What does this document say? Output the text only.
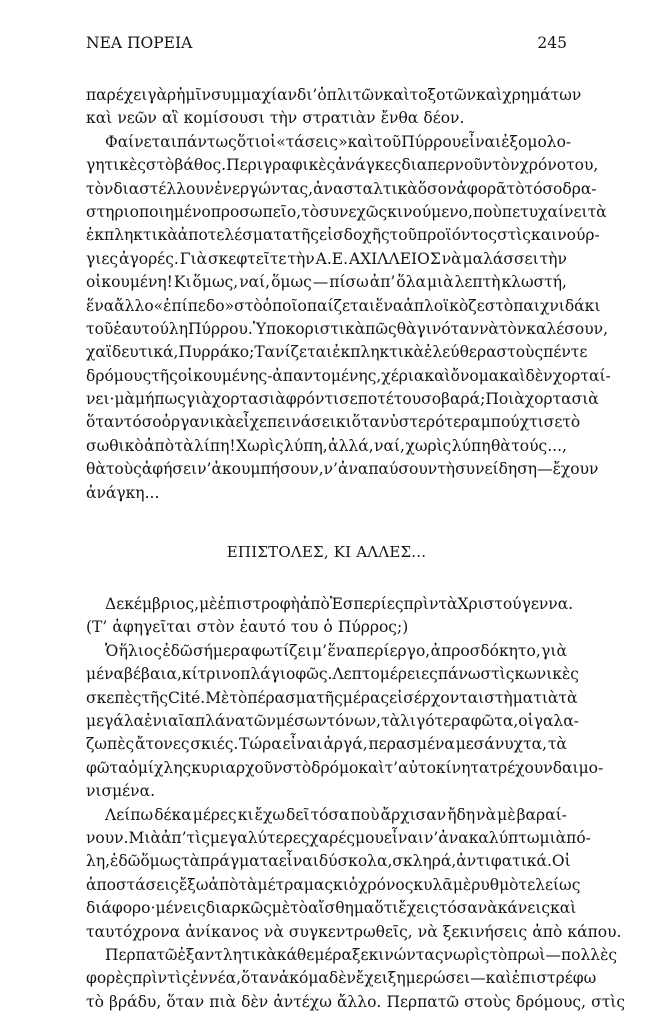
ΝΕΑ ΠΟΡΕΙΑ	245
παρέχει γὰρ ἡμῖν συμμαχίαν δι’ ὁπλιτῶν καὶ τοξοτῶν καὶ χρημάτων
καὶ νεῶν αἳ κομίσουσι τὴν στρατιὰν ἔνθα δέον.
Φαίνεται πάντως ὅτι οἱ «τάσεις» καὶ τοῦ Πύρρου εἶναι ἐξομολο-
γητικὲς στὸ βάθος. Περιγραφικὲς ἀνάγκες διαπερνοῦν τὸν χρόνο του,
τὸν διαστέλλουν ἐνεργώντας, ἀνασταλτικὰ ὅσον ἀφορᾶ τὸ τόσο δρα-
στηριοποιημένο προσωπεῖο, τὸ συνεχῶς κινούμενο, ποὺ πετυχαίνει τὰ
ἐκπληκτικὰ ἀποτελέσματα τῆς εἰσδοχῆς τοῦ προϊόντος στὶς καινούρ-
γιες ἀγορές. Γιὰ σκεφτεῖτε τὴν Α.Ε. ΑΧΙΛΛΕΙΟΣ νὰ μαλάσσει τὴν
οἰκουμένη! Κι ὅμως, ναί, ὅμως — πίσω ἀπ’ ὅλα μιὰ λεπτὴ κλωστή,
ἕνα ἄλλο «ἐπίπεδο» στὸ ὁποῖο παίζεται ἕνα ἁπλοϊκὸ ζεστὸ παιχνιδάκι
τοῦ ἑαυτούλη Πύρρου. Ὑποκοριστικὰ πῶς θὰ γινόταν νὰ τὸν καλέσουν,
χαϊδευτικά, Πυρράκο; Τανίζεται ἐκπληκτικὰ ἐλεύθερα στοὺς πέντε
δρόμους τῆς οἰκουμένης-ἀπαντομένης, χέρια καὶ ὄνομα καὶ δὲν χορταί-
νει· μὰ μήπως γιὰ χορτασιὰ φρόντισε ποτέ του σοβαρά; Ποιὰ χορτασιὰ
ὅταν τόσο ὀργανικὰ εἶχε πεινάσει κι ὅταν ὑστερότερα μπούχτισε τὸ
σωθικὸ ἀπὸ τὰ λίπη! Χωρὶς λύπη, ἀλλά, ναί, χωρὶς λύπη θὰ τούς...,
θὰ τοὺς ἀφήσει ν’ ἀκουμπήσουν, ν’ ἀναπαύσουν τὴ συνείδηση — ἔχουν
ἀνάγκη...
ΕΠΙΣΤΟΛΕΣ, ΚΙ ΑΛΛΕΣ...
Δεκέμβριος, μὲ ἐπιστροφὴ ἀπὸ Ἑσπερίες πρὶν τὰ Χριστούγεννα.
(Τ’ ἀφηγεῖται στὸν ἑαυτό του ὁ Πύρρος;)
Ὁ ἥλιος ἐδῶ σήμερα φωτίζει μ’ ἕνα περίεργο, ἀπροσδόκητο, γιὰ
μένα βέβαια, κίτρινο πλάγιο φῶς. Λεπτομέρειες πάνω στὶς κωνικὲς
σκεπὲς τῆς Cité. Μὲ τὸ πέρασμα τῆς μέρας εἰσέρχονται στὴ ματιὰ τὰ
μεγάλα ἑνιαῖα πλάνα τῶν μέσων τόνων, τὰ λιγότερα φῶτα, οἱ γαλα-
ζωπὲς ἄτονες σκιές. Τώρα εἶναι ἀργά, περασμένα μεσάνυχτα, τὰ
φῶτα ὁμίχλης κυριαρχοῦν στὸ δρόμο καὶ τ’ αὐτοκίνητα τρέχουν δαιμο-
νισμένα.
Λείπω δέκα μέρες κι ἔχω δεῖ τόσα ποὺ ἄρχισαν ἤδη νὰ μὲ βαραί-
νουν. Μιὰ ἀπ’ τὶς μεγαλύτερες χαρές μου εἶναι ν’ ἀνακαλύπτω μιὰ πό-
λη, ἐδῶ ὅμως τὰ πράγματα εἶναι δύσκολα, σκληρά, ἀντιφατικά. Οἱ
ἀποστάσεις ἔξω ἀπὸ τὰ μέτρα μας κι ὁ χρόνος κυλᾶ μὲ ρυθμὸ τελείως
διάφορο· μένεις διαρκῶς μὲ τὸ αἴσθημα ὅτι ἔχεις τόσα νὰ κάνεις καὶ
ταυτόχρονα ἀνίκανος νὰ συγκεντρωθεῖς, νὰ ξεκινήσεις ἀπὸ κάπου.
Περπατῶ ἐξαντλητικὰ κάθε μέρα ξεκινώντας νωρὶς τὸ πρωὶ — πολλὲς
φορὲς πρὶν τὶς ἐννέα, ὅταν ἀκόμα δὲν ἔχει ξημερώσει — καὶ ἐπιστρέφω
τὸ βράδυ, ὅταν πιὰ δὲν ἀντέχω ἄλλο. Περπατῶ στοὺς δρόμους, στὶς
